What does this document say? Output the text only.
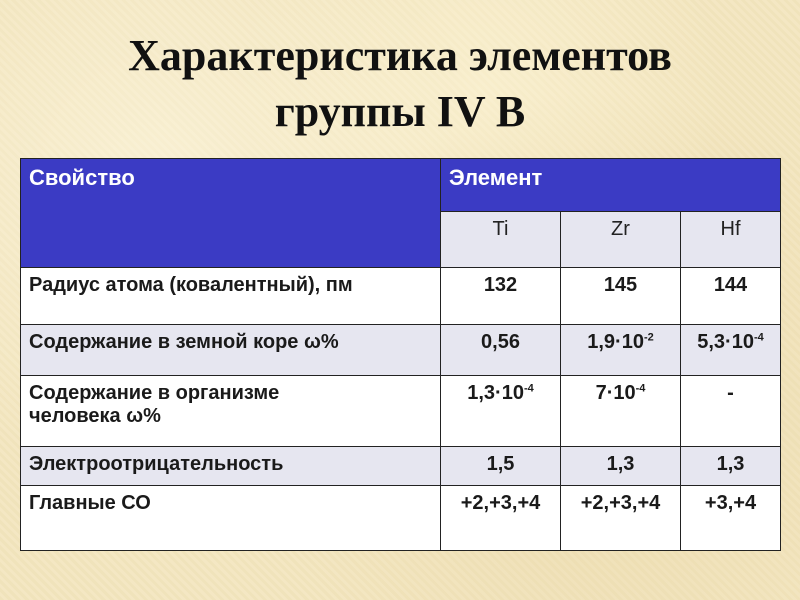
Характеристика элементов
группы IV B
Свойство	Элемент		
	Ti	Zr	Hf
Радиус атома (ковалентный), пм	132	145	144
Содержание в земной коре ω%	0,56	$1,9\cdot 10^{-2}$	$5,3\cdot 10^{-4}$
Содержание в организме
человека ω%	$1,3\cdot 10^{-4}$	$7\cdot 10^{-4}$	-
Электроотрицательность	1,5	1,3	1,3
Главные СО	+2,+3,+4	+2,+3,+4	+3,+4
